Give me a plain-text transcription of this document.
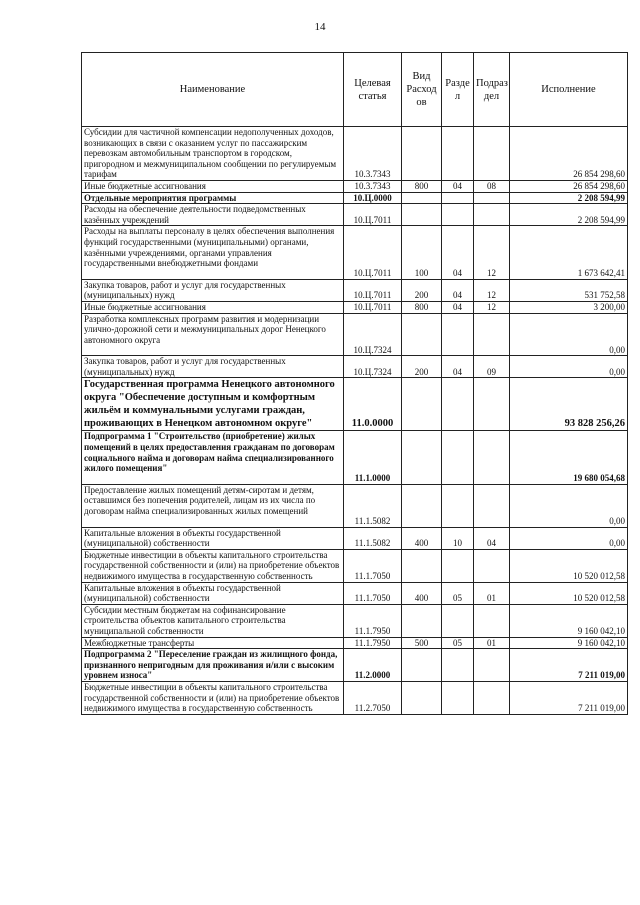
14
Наименование	Целевая статья	Вид Расход ов	Разде л	Подраз дел	Исполнение
Субсидии для частичной компенсации недополученных доходов, возникающих в связи с оказанием услуг по пассажирским перевозкам автомобильным транспортом в городском, пригородном и межмуниципальном сообщении по регулируемым тарифам	10.3.7343				26 854 298,60
Иные бюджетные ассигнования	10.3.7343	800	04	08	26 854 298,60
Отдельные мероприятия программы	10.Ц.0000				2 208 594,99
Расходы на обеспечение деятельности подведомственных казённых учреждений	10.Ц.7011				2 208 594,99
Расходы на выплаты персоналу в целях обеспечения выполнения функций государственными (муниципальными) органами, казёнными учреждениями, органами управления государственными внебюджетными фондами	10.Ц.7011	100	04	12	1 673 642,41
Закупка товаров, работ и услуг для государственных (муниципальных) нужд	10.Ц.7011	200	04	12	531 752,58
Иные бюджетные ассигнования	10.Ц.7011	800	04	12	3 200,00
Разработка комплексных программ развития и модернизации улично-дорожной сети и межмуниципальных дорог Ненецкого автономного округа	10.Ц.7324				0,00
Закупка товаров, работ и услуг для государственных (муниципальных) нужд	10.Ц.7324	200	04	09	0,00
Государственная программа Ненецкого автономного округа "Обеспечение доступным и комфортным жильём и коммунальными услугами граждан, проживающих в Ненецком автономном округе"	11.0.0000				93 828 256,26
Подпрограмма 1 "Строительство (приобретение) жилых помещений в целях предоставления гражданам по договорам социального найма и договорам найма специализированного жилого помещения"	11.1.0000				19 680 054,68
Предоставление жилых помещений детям-сиротам и детям, оставшимся без попечения родителей, лицам из их числа по договорам найма специализированных жилых помещений	11.1.5082				0,00
Капитальные вложения в объекты государственной (муниципальной) собственности	11.1.5082	400	10	04	0,00
Бюджетные инвестиции в объекты капитального строительства государственной собственности и (или) на приобретение объектов недвижимого имущества в государственную собственность	11.1.7050				10 520 012,58
Капитальные вложения в объекты государственной (муниципальной) собственности	11.1.7050	400	05	01	10 520 012,58
Субсидии местным бюджетам на софинансирование строительства объектов капитального строительства муниципальной собственности	11.1.7950				9 160 042,10
Межбюджетные трансферты	11.1.7950	500	05	01	9 160 042,10
Подпрограмма 2 "Переселение граждан из жилищного фонда, признанного непригодным для проживания и/или с высоким уровнем износа"	11.2.0000				7 211 019,00
Бюджетные инвестиции в объекты капитального строительства государственной собственности и (или) на приобретение объектов недвижимого имущества в государственную собственность	11.2.7050				7 211 019,00
